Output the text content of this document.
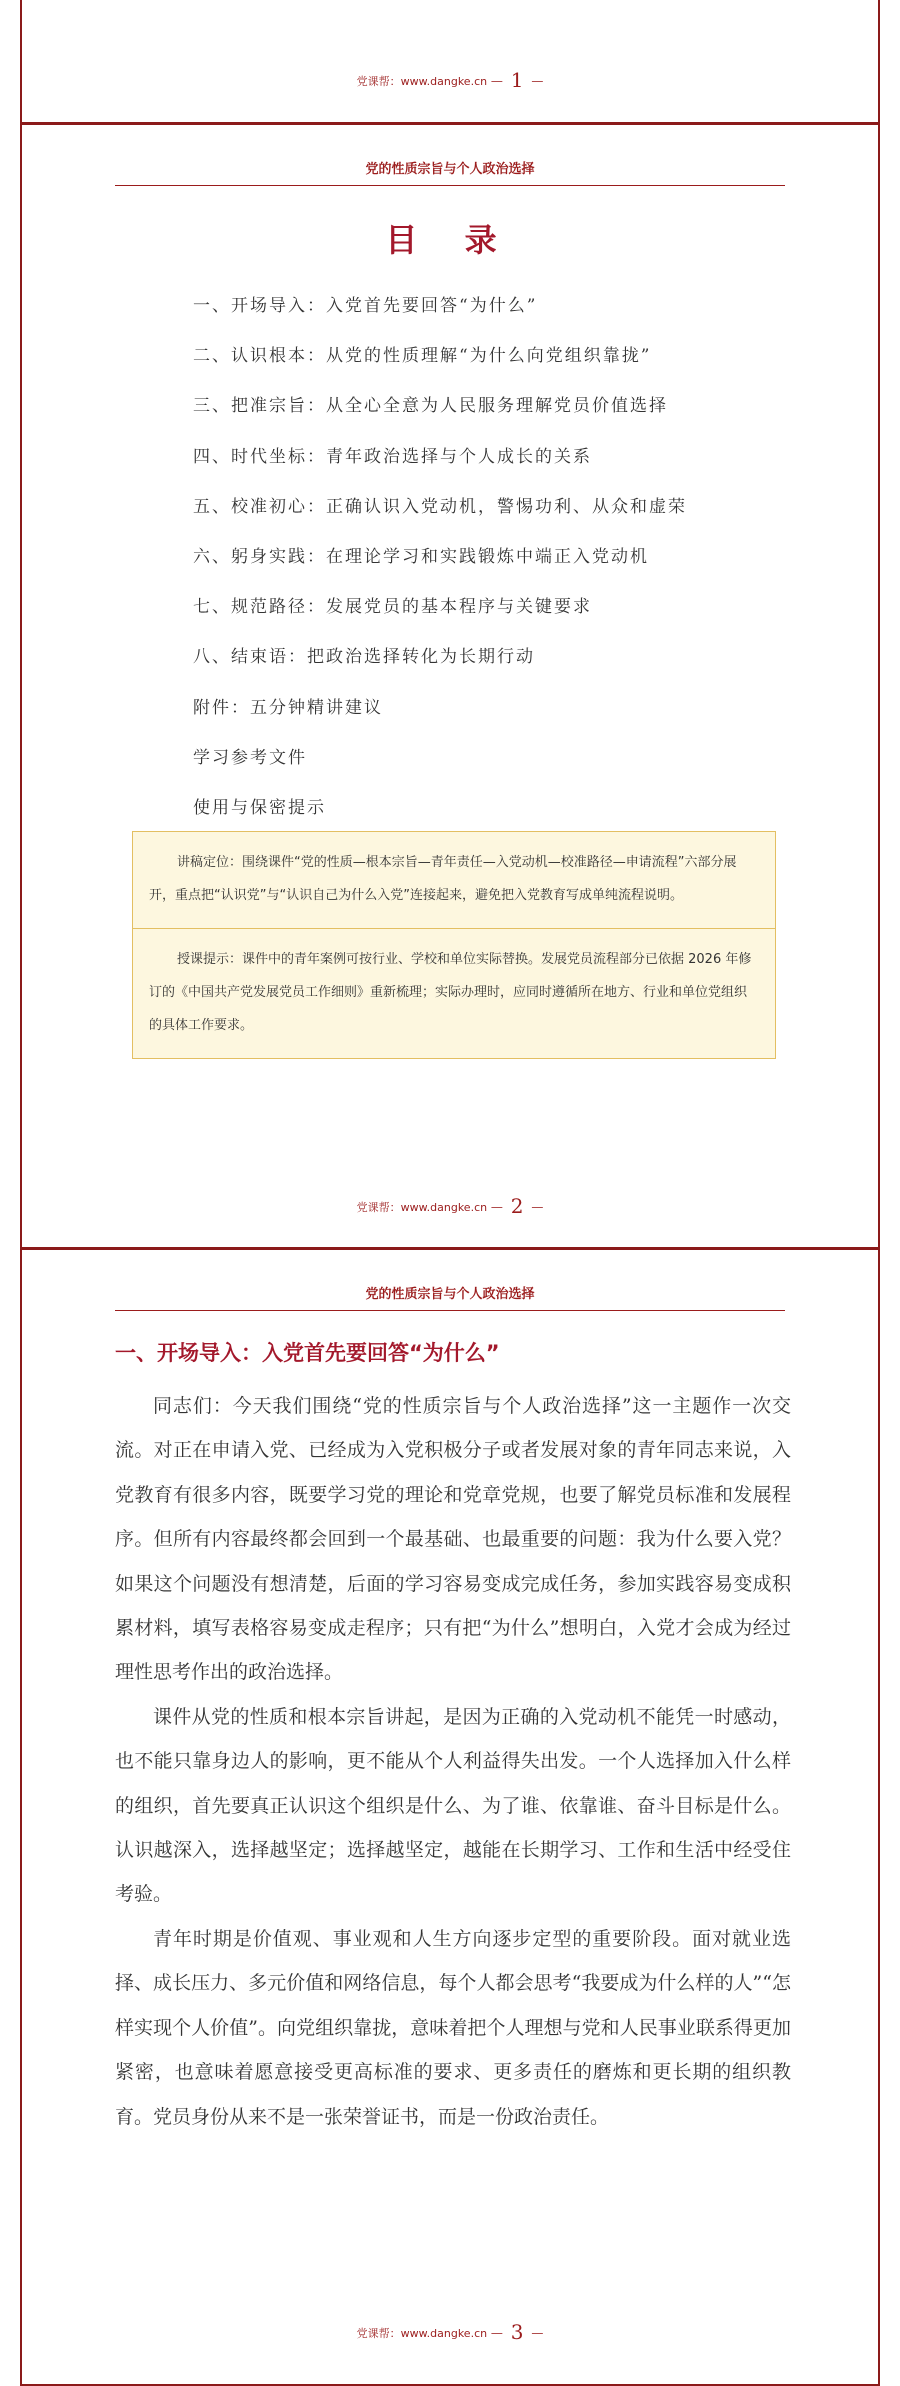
党课帮：www.dangke.cn — 1 —
党的性质宗旨与个人政治选择
目 录
一、开场导入：入党首先要回答“为什么”
二、认识根本：从党的性质理解“为什么向党组织靠拢”
三、把准宗旨：从全心全意为人民服务理解党员价值选择
四、时代坐标：青年政治选择与个人成长的关系
五、校准初心：正确认识入党动机，警惕功利、从众和虚荣
六、躬身实践：在理论学习和实践锻炼中端正入党动机
七、规范路径：发展党员的基本程序与关键要求
八、结束语：把政治选择转化为长期行动
附件：五分钟精讲建议
学习参考文件
使用与保密提示
讲稿定位：围绕课件“党的性质—根本宗旨—青年责任—入党动机—校准路径—申请流程”六部分展开，重点把“认识党”与“认识自己为什么入党”连接起来，避免把入党教育写成单纯流程说明。
授课提示：课件中的青年案例可按行业、学校和单位实际替换。发展党员流程部分已依据 2026 年修订的《中国共产党发展党员工作细则》重新梳理；实际办理时，应同时遵循所在地方、行业和单位党组织的具体工作要求。
党课帮：www.dangke.cn — 2 —
党的性质宗旨与个人政治选择
一、开场导入：入党首先要回答“为什么”

同志们：今天我们围绕“党的性质宗旨与个人政治选择”这一主题作一次交流。对正在申请入党、已经成为入党积极分子或者发展对象的青年同志来说，入党教育有很多内容，既要学习党的理论和党章党规，也要了解党员标准和发展程序。但所有内容最终都会回到一个最基础、也最重要的问题：我为什么要入党？如果这个问题没有想清楚，后面的学习容易变成完成任务，参加实践容易变成积累材料，填写表格容易变成走程序；只有把“为什么”想明白，入党才会成为经过理性思考作出的政治选择。

课件从党的性质和根本宗旨讲起，是因为正确的入党动机不能凭一时感动，也不能只靠身边人的影响，更不能从个人利益得失出发。一个人选择加入什么样的组织，首先要真正认识这个组织是什么、为了谁、依靠谁、奋斗目标是什么。认识越深入，选择越坚定；选择越坚定，越能在长期学习、工作和生活中经受住考验。

青年时期是价值观、事业观和人生方向逐步定型的重要阶段。面对就业选择、成长压力、多元价值和网络信息，每个人都会思考“我要成为什么样的人”“怎样实现个人价值”。向党组织靠拢，意味着把个人理想与党和人民事业联系得更加紧密，也意味着愿意接受更高标准的要求、更多责任的磨炼和更长期的组织教育。党员身份从来不是一张荣誉证书，而是一份政治责任。

党课帮：www.dangke.cn — 3 —
